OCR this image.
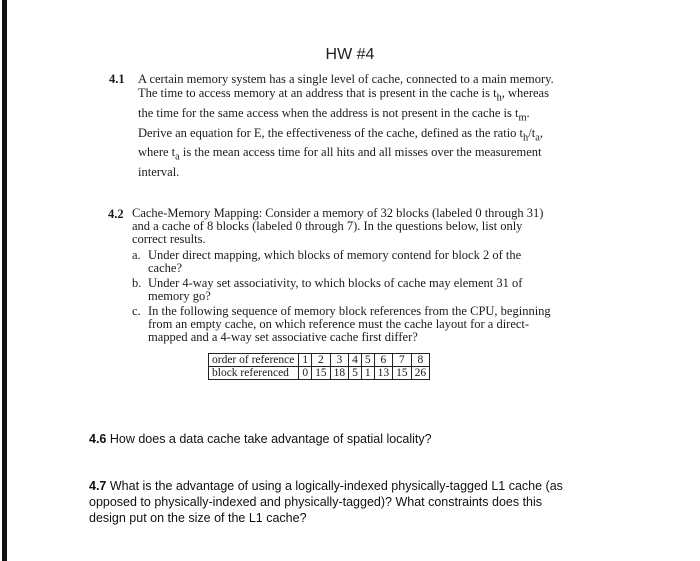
HW #4
4.1 A certain memory system has a single level of cache, connected to a main memory.
The time to access memory at an address that is present in the cache is $t_h$, whereas
the time for the same access when the address is not present in the cache is $t_m$.
Derive an equation for E, the effectiveness of the cache, defined as the ratio $t_h/t_a$,
where $t_a$ is the mean access time for all hits and all misses over the measurement
interval.
4.2 Cache-Memory Mapping: Consider a memory of 32 blocks (labeled 0 through 31)
and a cache of 8 blocks (labeled 0 through 7). In the questions below, list only
correct results.
a. Under direct mapping, which blocks of memory contend for block 2 of the
cache?
b. Under 4-way set associativity, to which blocks of cache may element 31 of
memory go?
c. In the following sequence of memory block references from the CPU, beginning
from an empty cache, on which reference must the cache layout for a direct-
mapped and a 4-way set associative cache first differ?
order of reference	1	2	3	4	5	6	7	8
block referenced	0	15	18	5	1	13	15	26
4.6 How does a data cache take advantage of spatial locality?
4.7 What is the advantage of using a logically-indexed physically-tagged L1 cache (as
opposed to physically-indexed and physically-tagged)? What constraints does this
design put on the size of the L1 cache?
